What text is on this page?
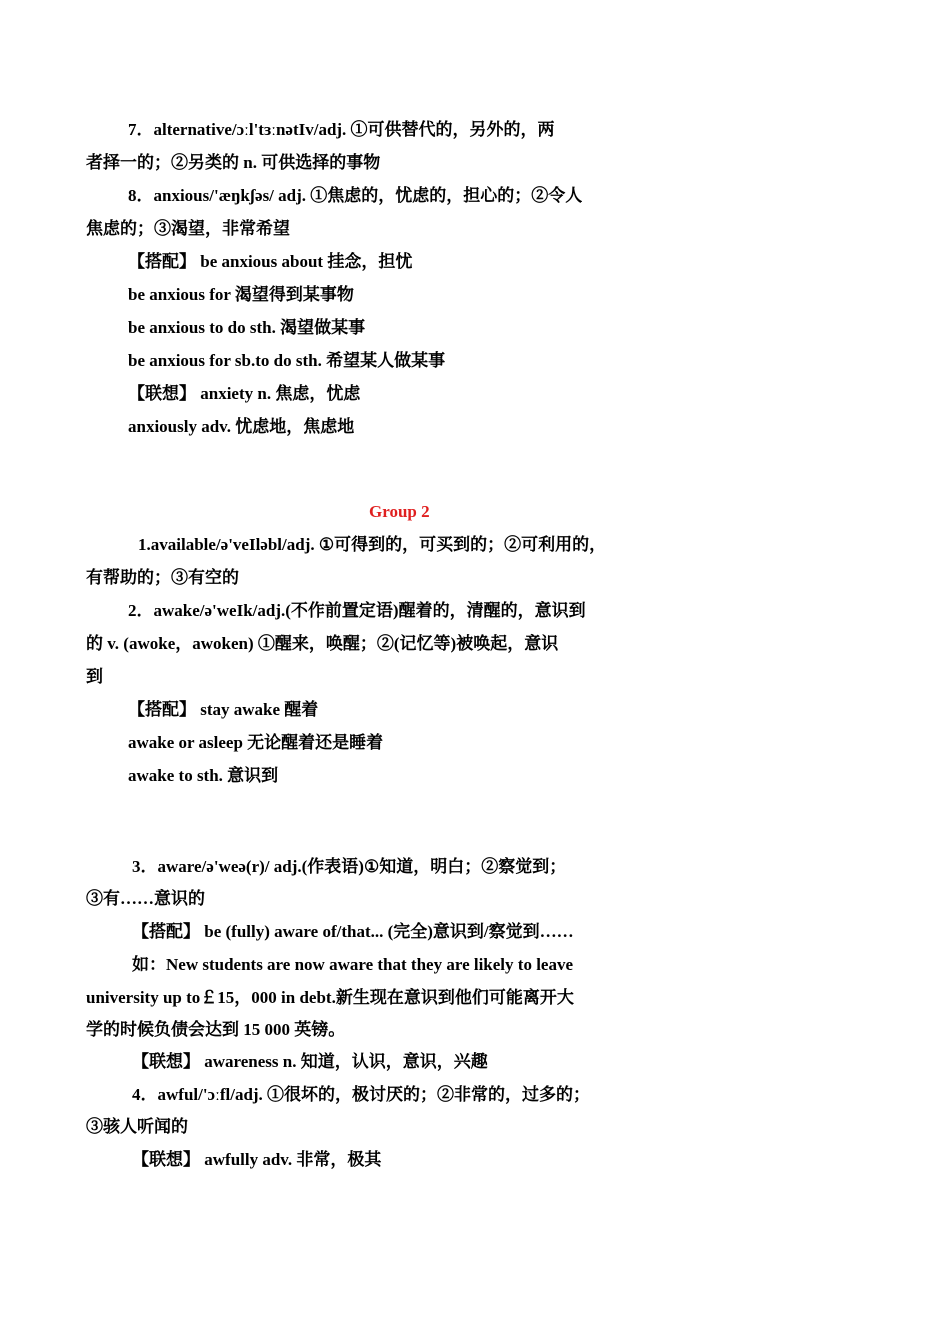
7．alternative/ɔːl'tɜːnətIv/adj. ①可供替代的，另外的，两
者择一的；②另类的 n. 可供选择的事物
8．anxious/'æŋkʃəs/ adj. ①焦虑的，忧虑的，担心的；②令人
焦虑的；③渴望，非常希望
【搭配】 be anxious about 挂念，担忧
be anxious for 渴望得到某事物
be anxious to do sth. 渴望做某事
be anxious for sb.to do sth. 希望某人做某事
【联想】 anxiety n. 焦虑，忧虑
anxiously adv. 忧虑地，焦虑地
Group 2
1.available/ə'veIləbl/adj. ①可得到的，可买到的；②可利用的，
有帮助的；③有空的
2．awake/ə'weIk/adj.(不作前置定语)醒着的，清醒的，意识到
的 v. (awoke，awoken) ①醒来，唤醒；②(记忆等)被唤起，意识
到
【搭配】 stay awake 醒着
awake or asleep 无论醒着还是睡着
awake to sth. 意识到
3．aware/ə'weə(r)/ adj.(作表语)①知道，明白；②察觉到；
③有……意识的
【搭配】 be (fully) aware of/that... (完全)意识到/察觉到……
如：New students are now aware that they are likely to leave
university up to￡15，000 in debt.新生现在意识到他们可能离开大
学的时候负债会达到 15 000 英镑。
【联想】 awareness n. 知道，认识，意识，兴趣
4．awful/'ɔːfl/adj. ①很坏的，极讨厌的；②非常的，过多的；
③骇人听闻的
【联想】 awfully adv. 非常，极其
